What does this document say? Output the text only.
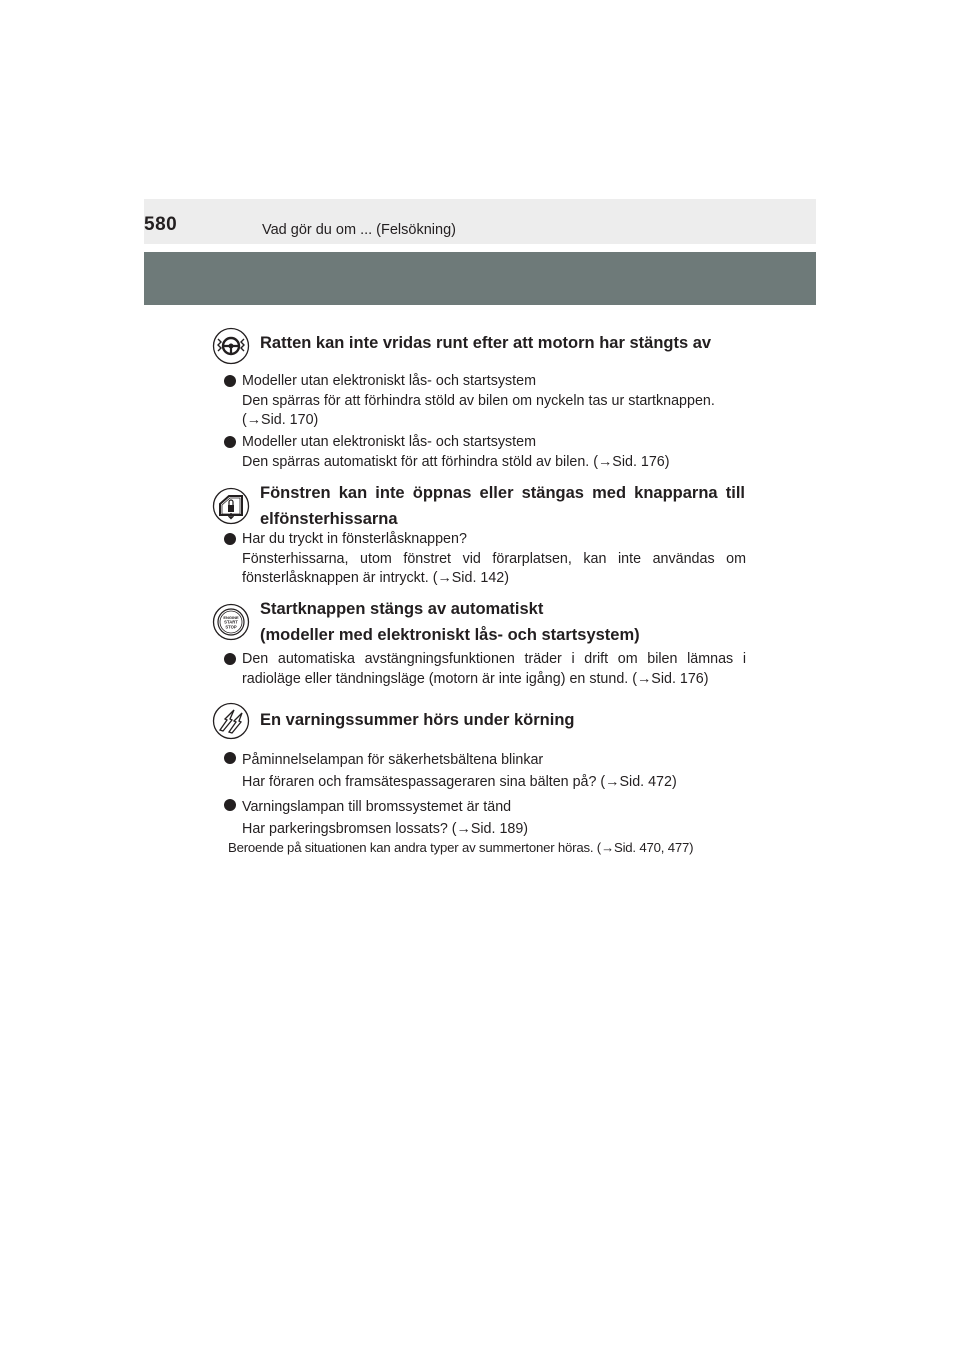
580	Vad gör du om ... (Felsökning)
Ratten kan inte vridas runt efter att motorn har stängts av
Modeller utan elektroniskt lås- och startsystem
Den spärras för att förhindra stöld av bilen om nyckeln tas ur startknappen.
(→Sid. 170)
Modeller utan elektroniskt lås- och startsystem
Den spärras automatiskt för att förhindra stöld av bilen. (→Sid. 176)
Fönstren kan inte öppnas eller stängas med knapparna till
elfönsterhissarna
Har du tryckt in fönsterlåsknappen?
Fönsterhissarna, utom fönstret vid förarplatsen, kan inte användas om
fönsterlåsknappen är intryckt. (→Sid. 142)
ENGINE
START
STOP
Startknappen stängs av automatiskt
(modeller med elektroniskt lås- och startsystem)
Den automatiska avstängningsfunktionen träder i drift om bilen lämnas i
radioläge eller tändningsläge (motorn är inte igång) en stund. (→Sid. 176)
En varningssummer hörs under körning
Påminnelselampan för säkerhetsbältena blinkar
Har föraren och framsätespassageraren sina bälten på? (→Sid. 472)
Varningslampan till bromssystemet är tänd
Har parkeringsbromsen lossats? (→Sid. 189)
Beroende på situationen kan andra typer av summertoner höras. (→Sid. 470, 477)
